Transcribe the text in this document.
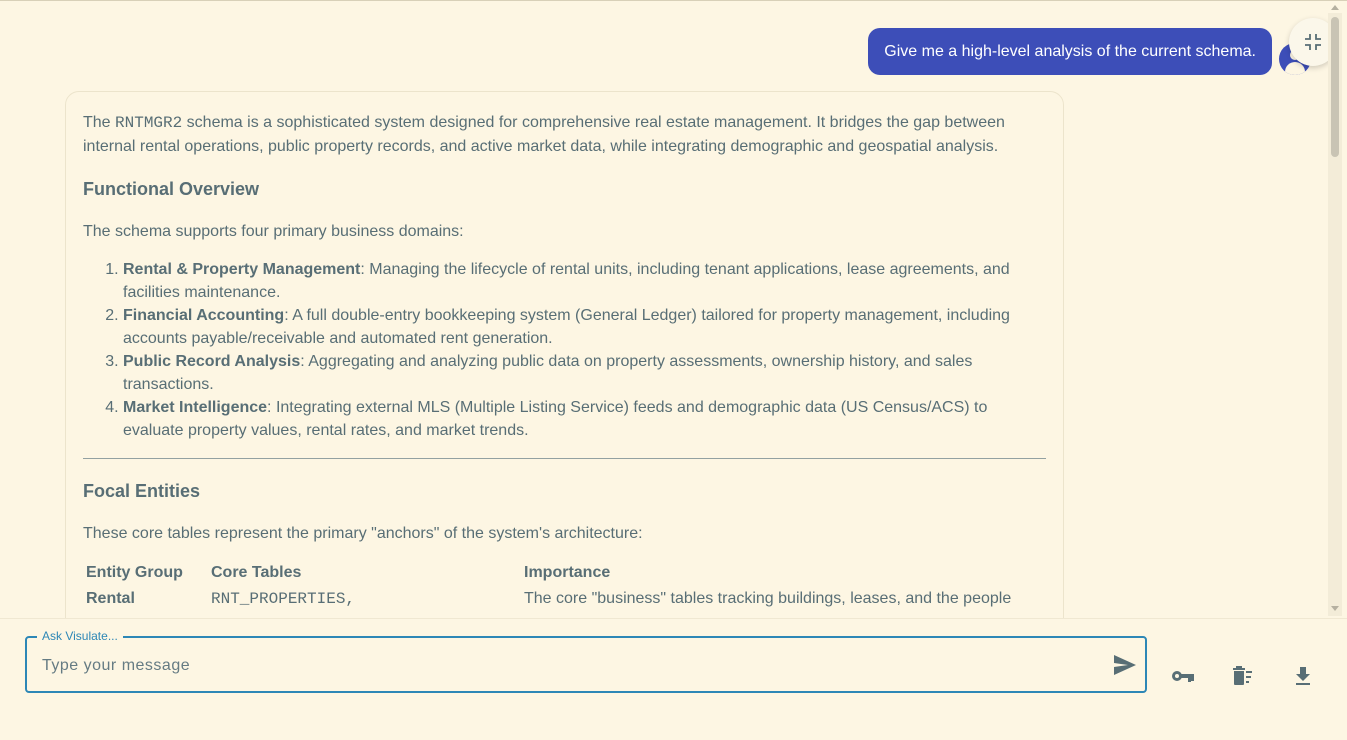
Give me a high-level analysis of the current schema.

The RNTMGR2 schema is a sophisticated system designed for comprehensive real estate management. It bridges the gap between internal rental operations, public property records, and active market data, while integrating demographic and geospatial analysis.

Functional Overview

The schema supports four primary business domains:

1. Rental & Property Management: Managing the lifecycle of rental units, including tenant applications, lease agreements, and facilities maintenance.
2. Financial Accounting: A full double-entry bookkeeping system (General Ledger) tailored for property management, including accounts payable/receivable and automated rent generation.
3. Public Record Analysis: Aggregating and analyzing public data on property assessments, ownership history, and sales transactions.
4. Market Intelligence: Integrating external MLS (Multiple Listing Service) feeds and demographic data (US Census/ACS) to evaluate property values, rental rates, and market trends.
Focal Entities

These core tables represent the primary "anchors" of the system's architecture:

Entity Group	Core Tables	Importance
Rental	RNT_PROPERTIES,	The core "business" tables tracking buildings, leases, and the people
Ask Visulate...
Type your message
